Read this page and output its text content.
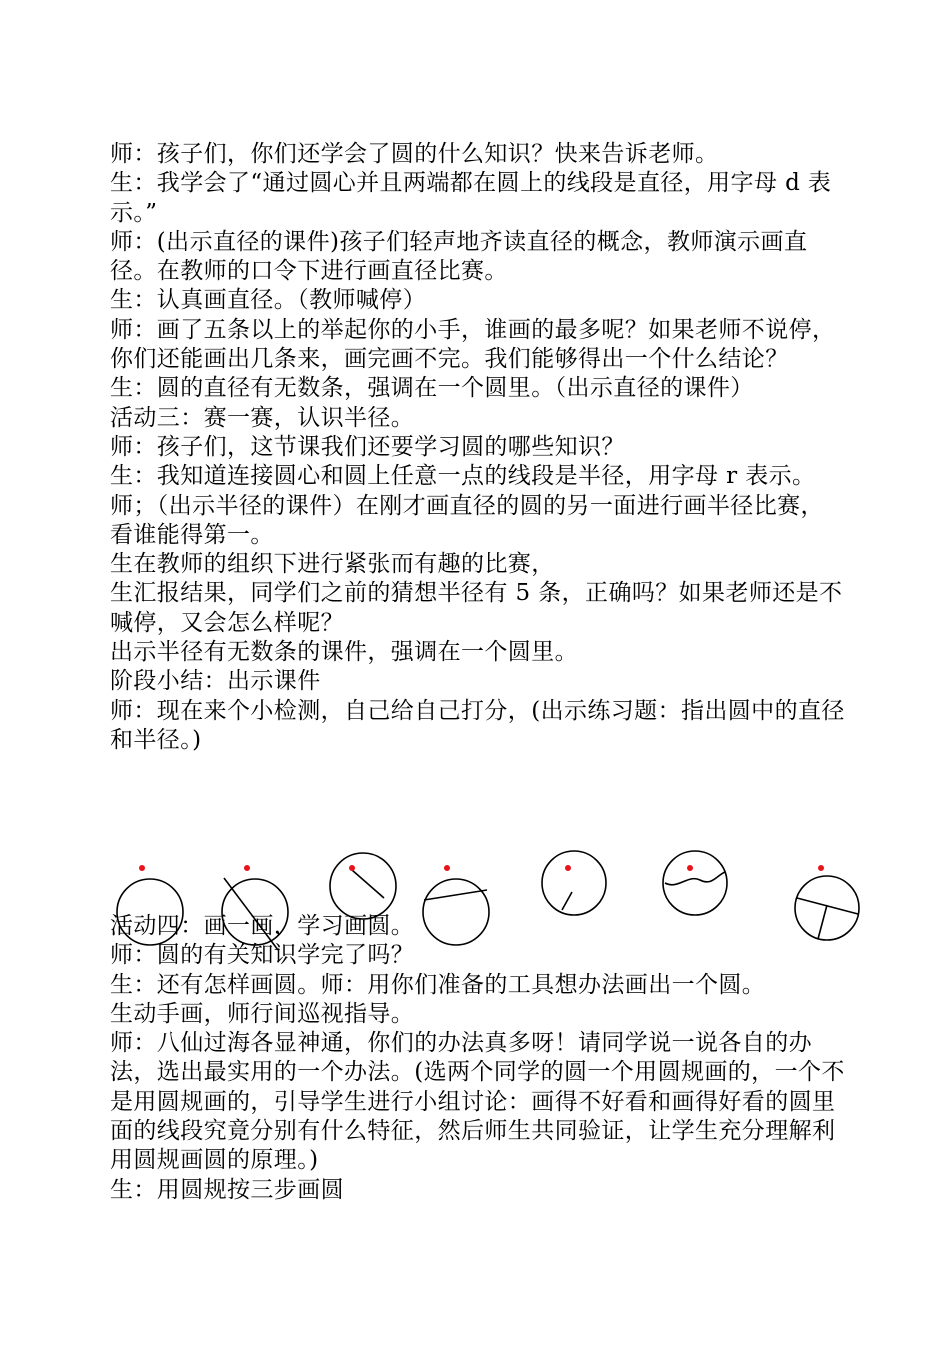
师：孩子们，你们还学会了圆的什么知识？快来告诉老师。

生：我学会了“通过圆心并且两端都在圆上的线段是直径，用字母 d 表示。”

师：(出示直径的课件)孩子们轻声地齐读直径的概念，教师演示画直径。在教师的口令下进行画直径比赛。

生：认真画直径。（教师喊停）

师：画了五条以上的举起你的小手，谁画的最多呢？如果老师不说停，你们还能画出几条来，画完画不完。我们能够得出一个什么结论？

生：圆的直径有无数条，强调在一个圆里。（出示直径的课件）

活动三：赛一赛，认识半径。

师：孩子们，这节课我们还要学习圆的哪些知识？

生：我知道连接圆心和圆上任意一点的线段是半径，用字母 r 表示。

师；（出示半径的课件）在刚才画直径的圆的另一面进行画半径比赛，看谁能得第一。

生在教师的组织下进行紧张而有趣的比赛，

生汇报结果，同学们之前的猜想半径有 5 条，正确吗？如果老师还是不喊停，又会怎么样呢？

出示半径有无数条的课件，强调在一个圆里。

阶段小结：出示课件

师：现在来个小检测，自己给自己打分，(出示练习题：指出圆中的直径和半径。)

活动四：画一画，学习画圆。

师：圆的有关知识学完了吗？

生：还有怎样画圆。师：用你们准备的工具想办法画出一个圆。

生动手画，师行间巡视指导。

师：八仙过海各显神通，你们的办法真多呀！请同学说一说各自的办法，选出最实用的一个办法。(选两个同学的圆一个用圆规画的，一个不是用圆规画的，引导学生进行小组讨论：画得不好看和画得好看的圆里面的线段究竟分别有什么特征，然后师生共同验证，让学生充分理解利用圆规画圆的原理。)

生：用圆规按三步画圆
